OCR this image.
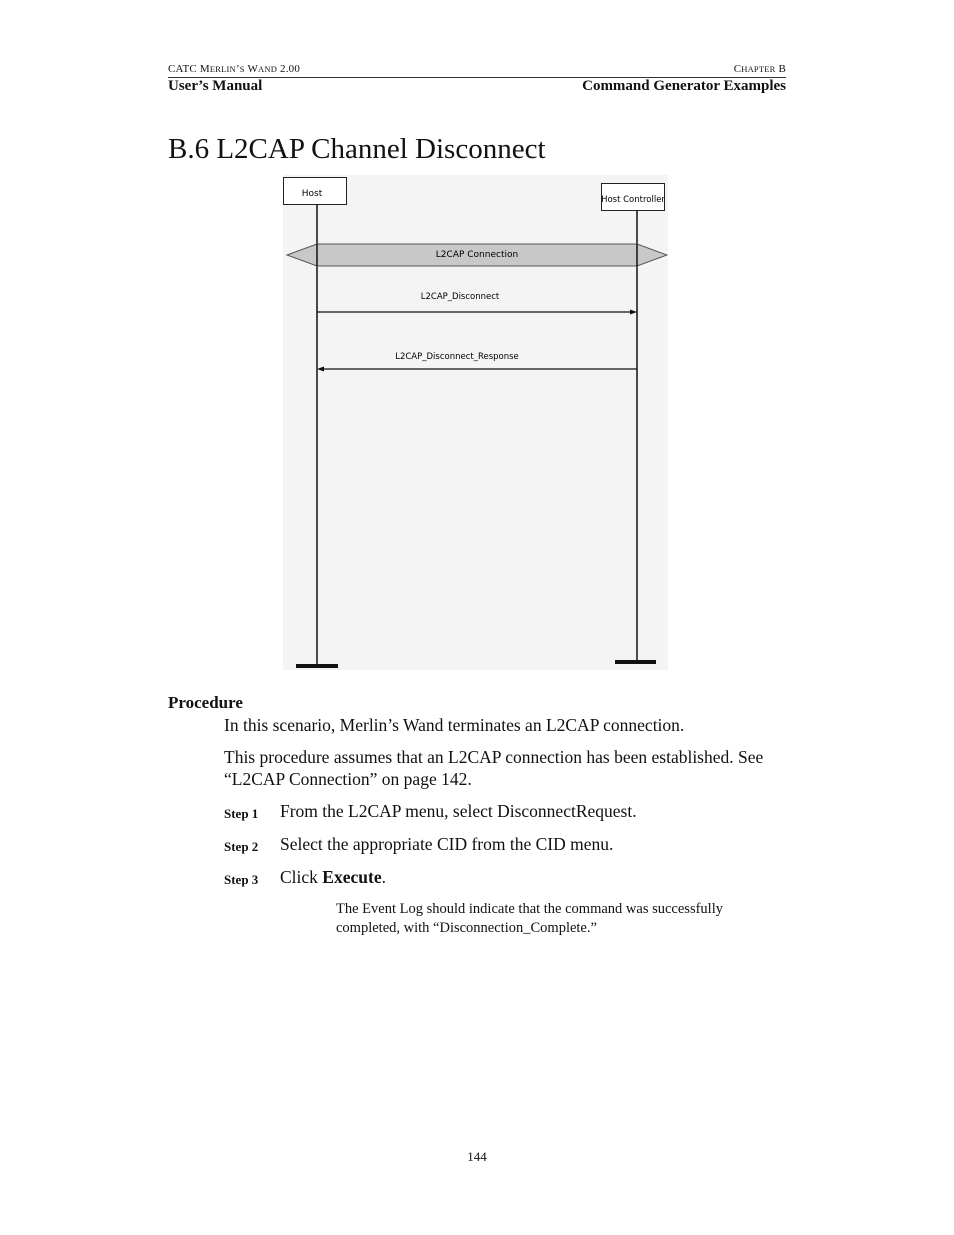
CATC MERLIN’S WAND 2.00	CHAPTER B
User’s Manual	Command Generator Examples
B.6 L2CAP Channel Disconnect
Host
Host Controller
L2CAP Connection
L2CAP_Disconnect
L2CAP_Disconnect_Response
Procedure
In this scenario, Merlin’s Wand terminates an L2CAP connection.
This procedure assumes that an L2CAP connection has been established. See “L2CAP Connection” on page 142.
Step 1 From the L2CAP menu, select DisconnectRequest.
Step 2 Select the appropriate CID from the CID menu.
Step 3 Click Execute.
The Event Log should indicate that the command was successfully completed, with “Disconnection_Complete.”
144
